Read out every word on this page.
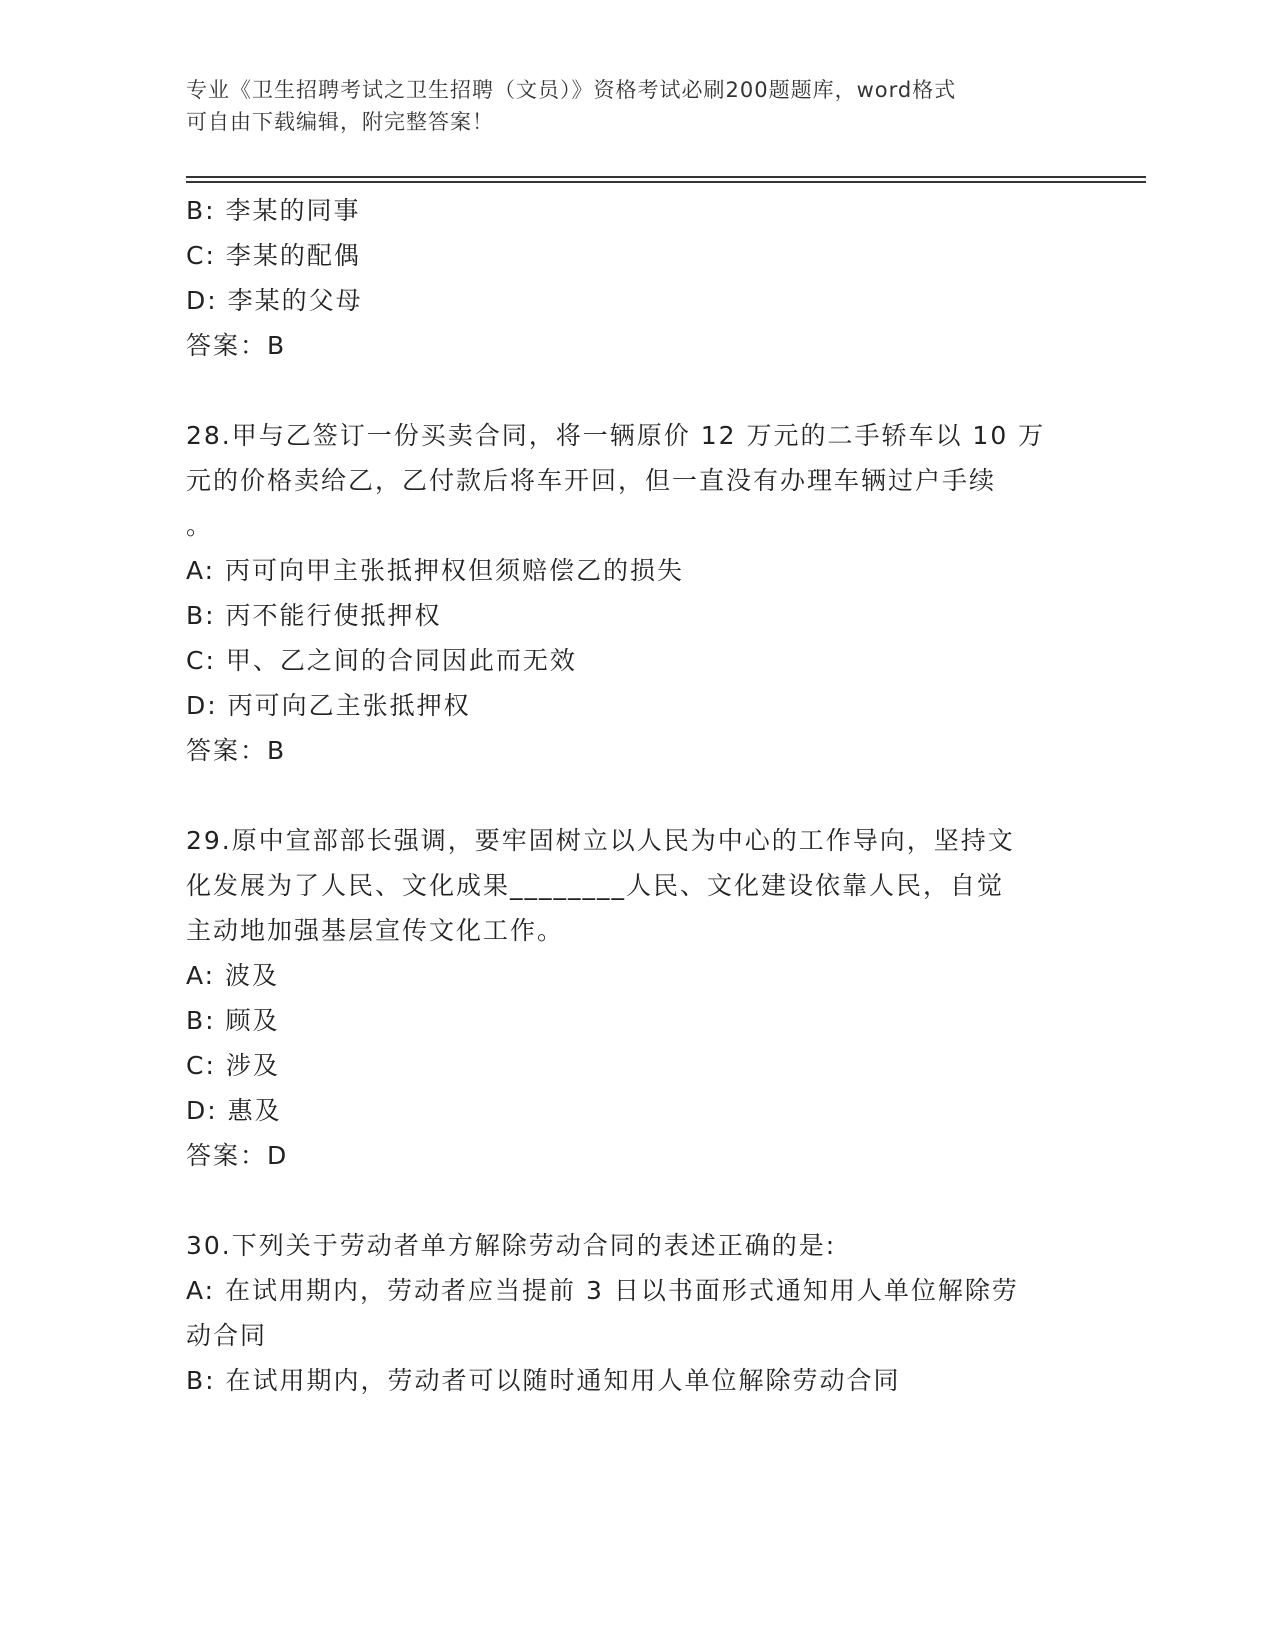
专业《卫生招聘考试之卫生招聘（文员）》资格考试必刷200题题库，word格式
可自由下载编辑，附完整答案！
B: 李某的同事
C: 李某的配偶
D: 李某的父母
答案：B
28.甲与乙签订一份买卖合同，将一辆原价 12 万元的二手轿车以 10 万
元的价格卖给乙，乙付款后将车开回，但一直没有办理车辆过户手续
。
A: 丙可向甲主张抵押权但须赔偿乙的损失
B: 丙不能行使抵押权
C: 甲、乙之间的合同因此而无效
D: 丙可向乙主张抵押权
答案：B
29.原中宣部部长强调，要牢固树立以人民为中心的工作导向，坚持文
化发展为了人民、文化成果________人民、文化建设依靠人民，自觉
主动地加强基层宣传文化工作。
A: 波及
B: 顾及
C: 涉及
D: 惠及
答案：D
30.下列关于劳动者单方解除劳动合同的表述正确的是:
A: 在试用期内，劳动者应当提前 3 日以书面形式通知用人单位解除劳
动合同
B: 在试用期内，劳动者可以随时通知用人单位解除劳动合同
